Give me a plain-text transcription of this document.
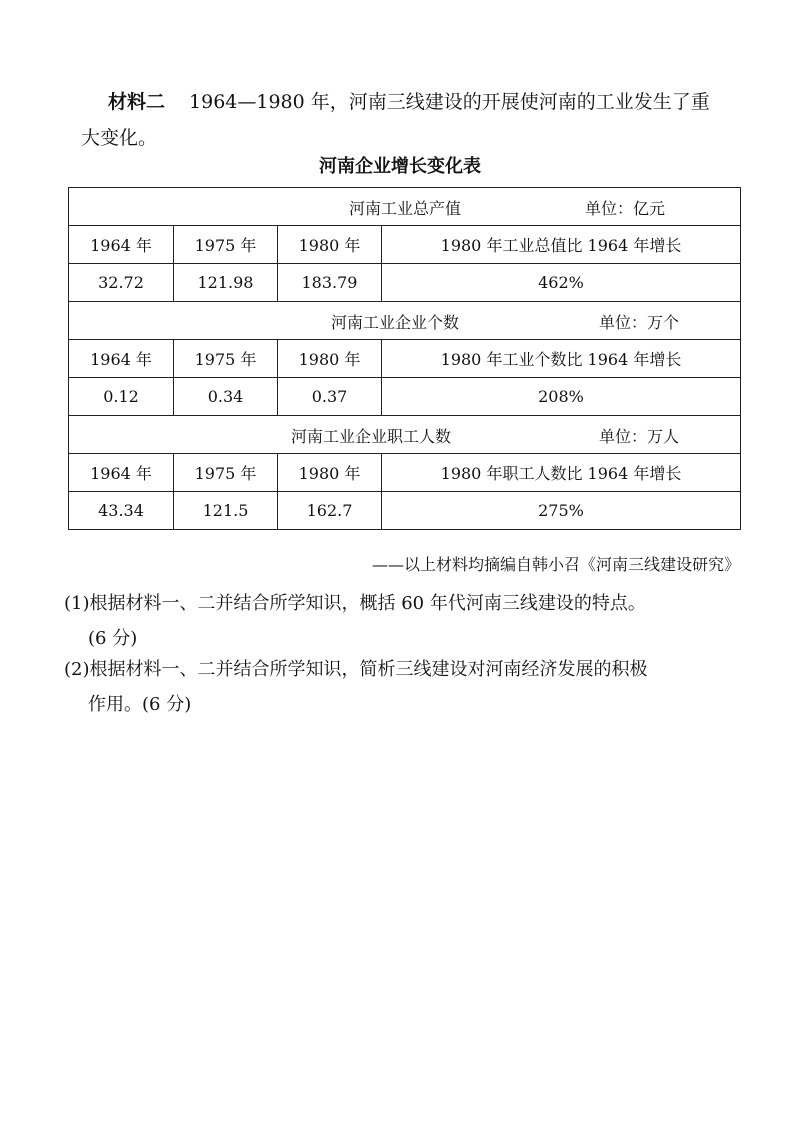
材料二 1964—1980 年，河南三线建设的开展使河南的工业发生了重
大变化。
河南企业增长变化表
河南工业总产值 单位：亿元			

1964 年	1975 年	1980 年	1980 年工业总值比 1964 年增长
32.72	121.98	183.79	462%

河南工业企业个数 单位：万个			

1964 年	1975 年	1980 年	1980 年工业个数比 1964 年增长
0.12	0.34	0.37	208%

河南工业企业职工人数 单位：万人			

1964 年	1975 年	1980 年	1980 年职工人数比 1964 年增长
43.34	121.5	162.7	275%
——以上材料均摘编自韩小召《河南三线建设研究》
(1)根据材料一、二并结合所学知识，概括 60 年代河南三线建设的特点。
(6 分)
(2)根据材料一、二并结合所学知识，简析三线建设对河南经济发展的积极
作用。(6 分)
